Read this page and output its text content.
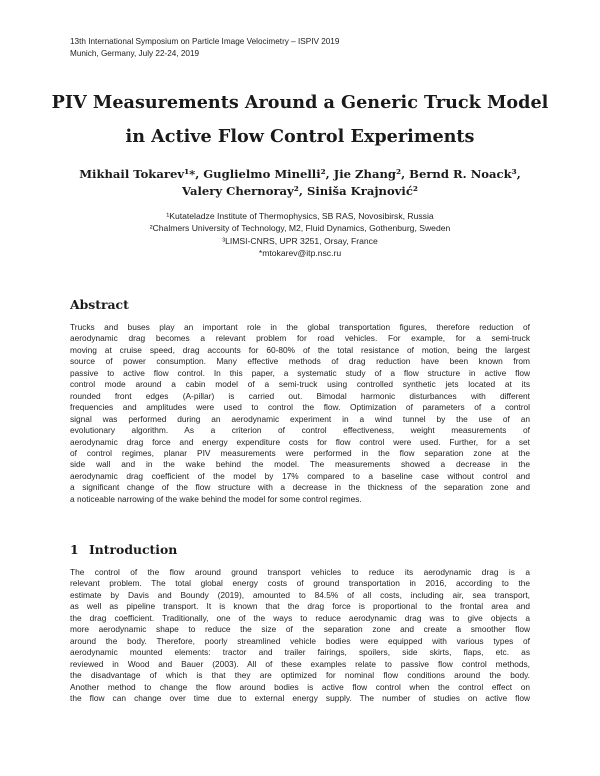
13th International Symposium on Particle Image Velocimetry – ISPIV 2019
Munich, Germany, July 22-24, 2019
PIV Measurements Around a Generic Truck Model
in Active Flow Control Experiments
Mikhail Tokarev¹*, Guglielmo Minelli², Jie Zhang², Bernd R. Noack³,
Valery Chernoray², Siniša Krajnović²
¹Kutateladze Institute of Thermophysics, SB RAS, Novosibirsk, Russia
²Chalmers University of Technology, M2, Fluid Dynamics, Gothenburg, Sweden
³LIMSI-CNRS, UPR 3251, Orsay, France
*mtokarev@itp.nsc.ru
Abstract
Trucks and buses play an important role in the global transportation figures, therefore reduction of
aerodynamic drag becomes a relevant problem for road vehicles. For example, for a semi-truck
moving at cruise speed, drag accounts for 60-80% of the total resistance of motion, being the largest
source of power consumption. Many effective methods of drag reduction have been known from
passive to active flow control. In this paper, a systematic study of a flow structure in active flow
control mode around a cabin model of a semi-truck using controlled synthetic jets located at its
rounded front edges (A-pillar) is carried out. Bimodal harmonic disturbances with different
frequencies and amplitudes were used to control the flow. Optimization of parameters of a control
signal was performed during an aerodynamic experiment in a wind tunnel by the use of an
evolutionary algorithm. As a criterion of control effectiveness, weight measurements of
aerodynamic drag force and energy expenditure costs for flow control were used. Further, for a set
of control regimes, planar PIV measurements were performed in the flow separation zone at the
side wall and in the wake behind the model. The measurements showed a decrease in the
aerodynamic drag coefficient of the model by 17% compared to a baseline case without control and
a significant change of the flow structure with a decrease in the thickness of the separation zone and
a noticeable narrowing of the wake behind the model for some control regimes.
1 Introduction
The control of the flow around ground transport vehicles to reduce its aerodynamic drag is a
relevant problem. The total global energy costs of ground transportation in 2016, according to the
estimate by Davis and Boundy (2019), amounted to 84.5% of all costs, including air, sea transport,
as well as pipeline transport. It is known that the drag force is proportional to the frontal area and
the drag coefficient. Traditionally, one of the ways to reduce aerodynamic drag was to give objects a
more aerodynamic shape to reduce the size of the separation zone and create a smoother flow
around the body. Therefore, poorly streamlined vehicle bodies were equipped with various types of
aerodynamic mounted elements: tractor and trailer fairings, spoilers, side skirts, flaps, etc. as
reviewed in Wood and Bauer (2003). All of these examples relate to passive flow control methods,
the disadvantage of which is that they are optimized for nominal flow conditions around the body.
Another method to change the flow around bodies is active flow control when the control effect on
the flow can change over time due to external energy supply. The number of studies on active flow
